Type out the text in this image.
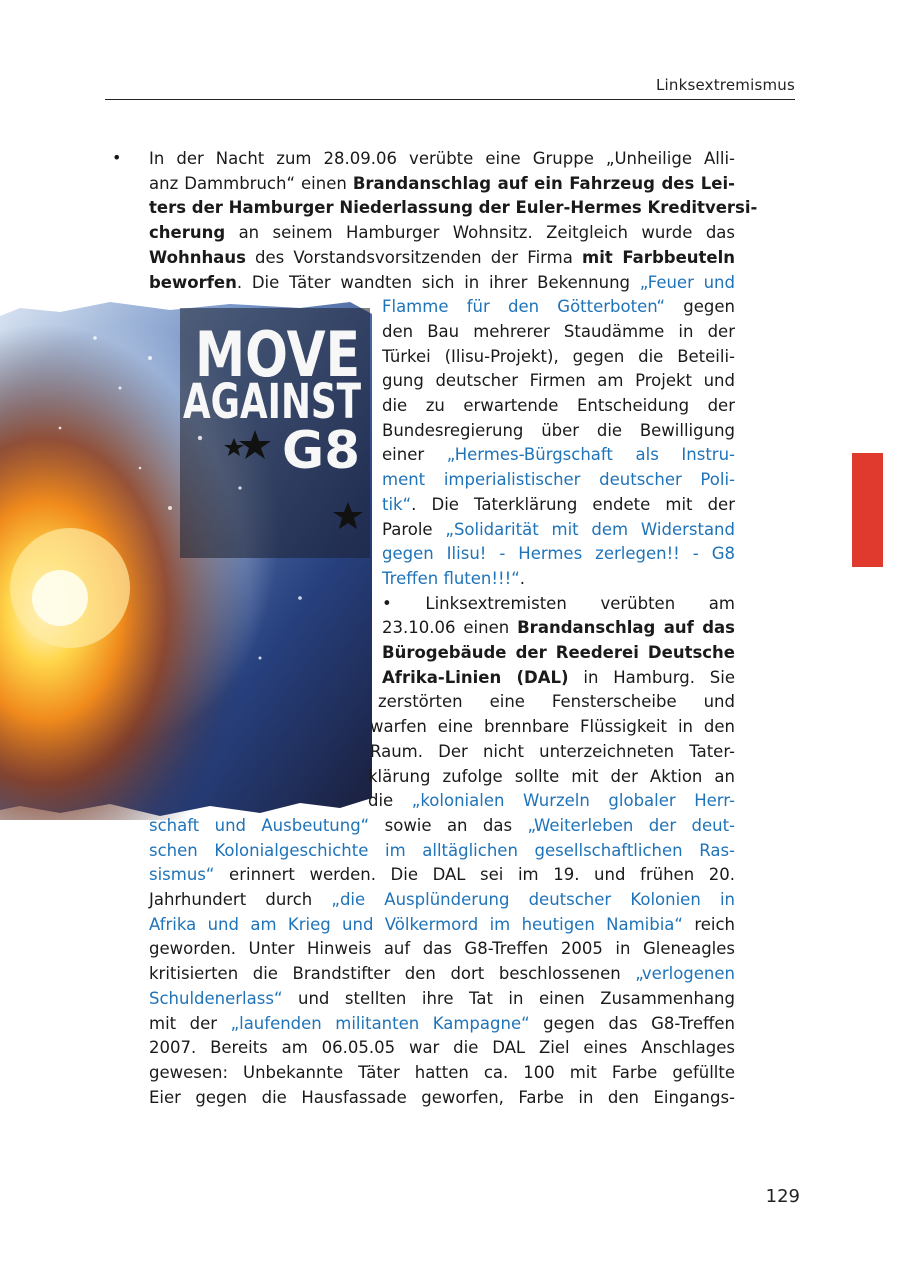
Linksextremismus
MOVE
AGAINST
G8
• In der Nacht zum 28.09.06 verübte eine Gruppe „Unheilige Alli-
anz Dammbruch“ einen Brandanschlag auf ein Fahrzeug des Lei-
ters der Hamburger Niederlassung der Euler-Hermes Kreditversi-
cherung an seinem Hamburger Wohnsitz. Zeitgleich wurde das
Wohnhaus des Vorstandsvorsitzenden der Firma mit Farbbeuteln
beworfen. Die Täter wandten sich in ihrer Bekennung „Feuer und
Flamme für den Götterboten“ gegen
den Bau mehrerer Staudämme in der
Türkei (Ilisu-Projekt), gegen die Beteili-
gung deutscher Firmen am Projekt und
die zu erwartende Entscheidung der
Bundesregierung über die Bewilligung
einer „Hermes-Bürgschaft als Instru-
ment imperialistischer deutscher Poli-
tik“. Die Taterklärung endete mit der
Parole „Solidarität mit dem Widerstand
gegen Ilisu! - Hermes zerlegen!! - G8
Treffen fluten!!!“.
• Linksextremisten verübten am
23.10.06 einen Brandanschlag auf das
Bürogebäude der Reederei Deutsche
Afrika-Linien (DAL) in Hamburg. Sie
zerstörten eine Fensterscheibe und
warfen eine brennbare Flüssigkeit in den
Raum. Der nicht unterzeichneten Tater-
klärung zufolge sollte mit der Aktion an
die „kolonialen Wurzeln globaler Herr-
schaft und Ausbeutung“ sowie an das „Weiterleben der deut-
schen Kolonialgeschichte im alltäglichen gesellschaftlichen Ras-
sismus“ erinnert werden. Die DAL sei im 19. und frühen 20.
Jahrhundert durch „die Ausplünderung deutscher Kolonien in
Afrika und am Krieg und Völkermord im heutigen Namibia“ reich
geworden. Unter Hinweis auf das G8-Treffen 2005 in Gleneagles
kritisierten die Brandstifter den dort beschlossenen „verlogenen
Schuldenerlass“ und stellten ihre Tat in einen Zusammenhang
mit der „laufenden militanten Kampagne“ gegen das G8-Treffen
2007. Bereits am 06.05.05 war die DAL Ziel eines Anschlages
gewesen: Unbekannte Täter hatten ca. 100 mit Farbe gefüllte
Eier gegen die Hausfassade geworfen, Farbe in den Eingangs-
129
